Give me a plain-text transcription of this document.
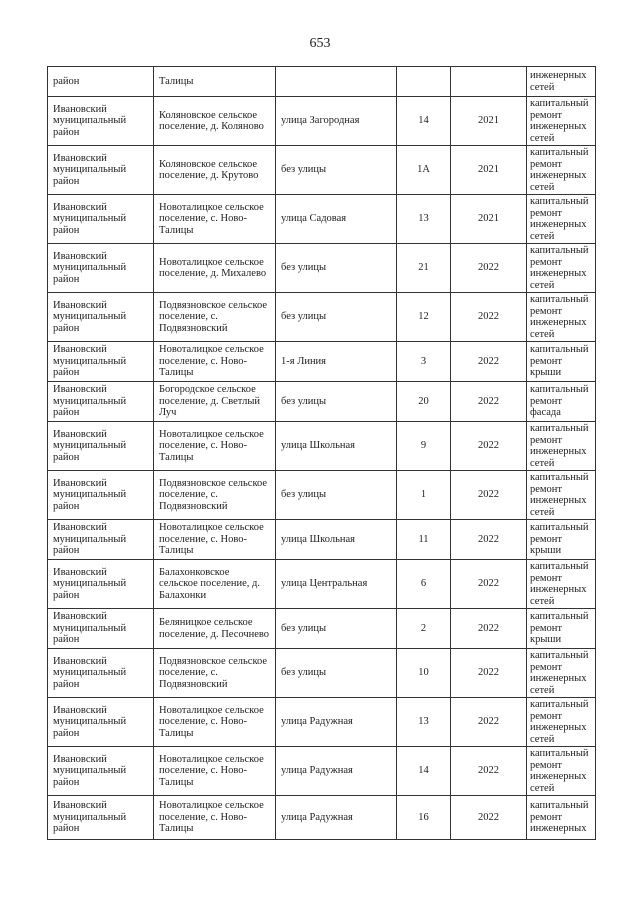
653
район	Талицы				инженерных сетей
Ивановский муниципальный район	Коляновское сельское поселение, д. Коляново	улица Загородная	14	2021	капитальный ремонт инженерных сетей
Ивановский муниципальный район	Коляновское сельское поселение, д. Крутово	без улицы	1А	2021	капитальный ремонт инженерных сетей
Ивановский муниципальный район	Новоталицкое сельское поселение, с. Ново-Талицы	улица Садовая	13	2021	капитальный ремонт инженерных сетей
Ивановский муниципальный район	Новоталицкое сельское поселение, д. Михалево	без улицы	21	2022	капитальный ремонт инженерных сетей
Ивановский муниципальный район	Подвязновское сельское поселение, с. Подвязновский	без улицы	12	2022	капитальный ремонт инженерных сетей
Ивановский муниципальный район	Новоталицкое сельское поселение, с. Ново-Талицы	1-я Линия	3	2022	капитальный ремонт крыши
Ивановский муниципальный район	Богородское сельское поселение, д. Светлый Луч	без улицы	20	2022	капитальный ремонт фасада
Ивановский муниципальный район	Новоталицкое сельское поселение, с. Ново-Талицы	улица Школьная	9	2022	капитальный ремонт инженерных сетей
Ивановский муниципальный район	Подвязновское сельское поселение, с. Подвязновский	без улицы	1	2022	капитальный ремонт инженерных сетей
Ивановский муниципальный район	Новоталицкое сельское поселение, с. Ново-Талицы	улица Школьная	11	2022	капитальный ремонт крыши
Ивановский муниципальный район	Балахонковское сельское поселение, д. Балахонки	улица Центральная	6	2022	капитальный ремонт инженерных сетей
Ивановский муниципальный район	Беляницкое сельское поселение, д. Песочнево	без улицы	2	2022	капитальный ремонт крыши
Ивановский муниципальный район	Подвязновское сельское поселение, с. Подвязновский	без улицы	10	2022	капитальный ремонт инженерных сетей
Ивановский муниципальный район	Новоталицкое сельское поселение, с. Ново-Талицы	улица Радужная	13	2022	капитальный ремонт инженерных сетей
Ивановский муниципальный район	Новоталицкое сельское поселение, с. Ново-Талицы	улица Радужная	14	2022	капитальный ремонт инженерных сетей
Ивановский муниципальный район	Новоталицкое сельское поселение, с. Ново-Талицы	улица Радужная	16	2022	капитальный ремонт инженерных
